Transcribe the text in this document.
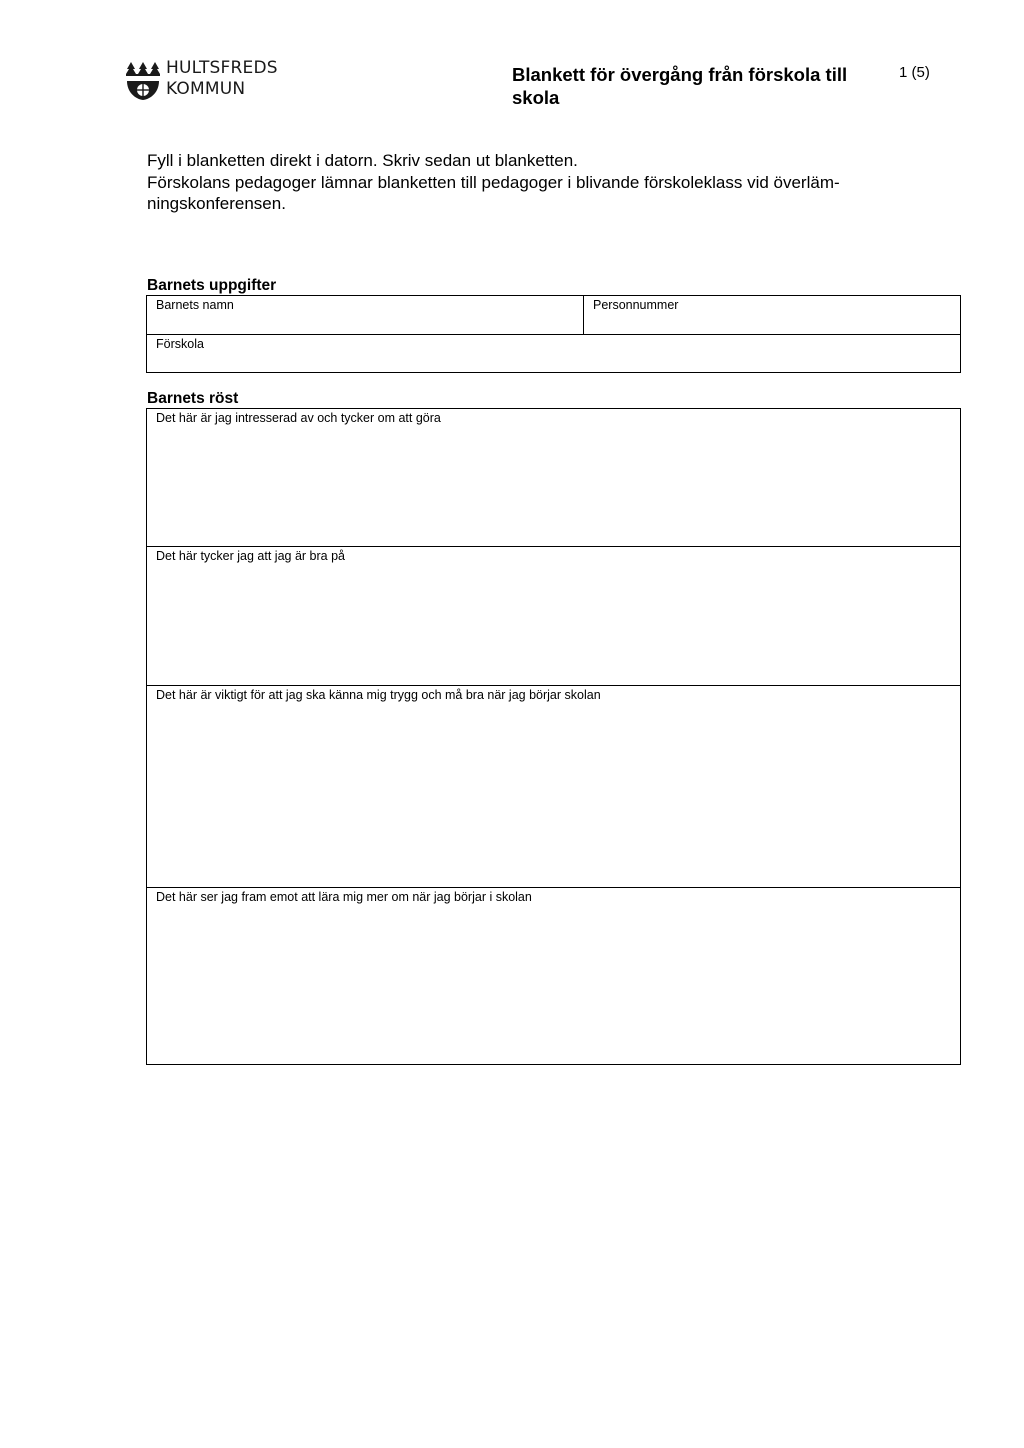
HULTSFREDS
KOMMUN
Blankett för övergång från förskola till skola
1 (5)

Fyll i blanketten direkt i datorn. Skriv sedan ut blanketten.

Förskolans pedagoger lämnar blanketten till pedagoger i blivande förskoleklass vid överläm-ningskonferensen.

Barnets uppgifter
Barnets namn	Personnummer
Förskola
Barnets röst
Det här är jag intresserad av och tycker om att göra
Det här tycker jag att jag är bra på
Det här är viktigt för att jag ska känna mig trygg och må bra när jag börjar skolan
Det här ser jag fram emot att lära mig mer om när jag börjar i skolan
